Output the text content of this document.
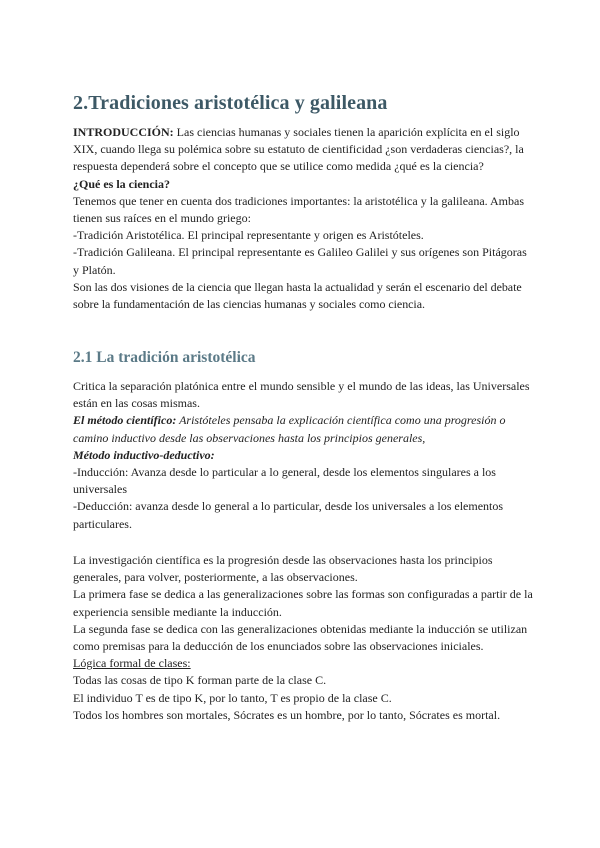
2.Tradiciones aristotélica y galileana

INTRODUCCIÓN: Las ciencias humanas y sociales tienen la aparición explícita en el siglo XIX, cuando llega su polémica sobre su estatuto de cientificidad ¿son verdaderas ciencias?, la respuesta dependerá sobre el concepto que se utilice como medida ¿qué es la ciencia?

¿Qué es la ciencia?

Tenemos que tener en cuenta dos tradiciones importantes: la aristotélica y la galileana. Ambas tienen sus raíces en el mundo griego:

-Tradición Aristotélica. El principal representante y origen es Aristóteles.

-Tradición Galileana. El principal representante es Galileo Galilei y sus orígenes son Pitágoras y Platón.

Son las dos visiones de la ciencia que llegan hasta la actualidad y serán el escenario del debate sobre la fundamentación de las ciencias humanas y sociales como ciencia.

2.1 La tradición aristotélica

Critica la separación platónica entre el mundo sensible y el mundo de las ideas, las Universales están en las cosas mismas.

El método científico: Aristóteles pensaba la explicación científica como una progresión o camino inductivo desde las observaciones hasta los principios generales,

Método inductivo-deductivo:

-Inducción: Avanza desde lo particular a lo general, desde los elementos singulares a los universales

-Deducción: avanza desde lo general a lo particular, desde los universales a los elementos particulares.

La investigación científica es la progresión desde las observaciones hasta los principios generales, para volver, posteriormente, a las observaciones.

La primera fase se dedica a las generalizaciones sobre las formas son configuradas a partir de la experiencia sensible mediante la inducción.

La segunda fase se dedica con las generalizaciones obtenidas mediante la inducción se utilizan como premisas para la deducción de los enunciados sobre las observaciones iniciales.

Lógica formal de clases:

Todas las cosas de tipo K forman parte de la clase C.

El individuo T es de tipo K, por lo tanto, T es propio de la clase C.

Todos los hombres son mortales, Sócrates es un hombre, por lo tanto, Sócrates es mortal.
